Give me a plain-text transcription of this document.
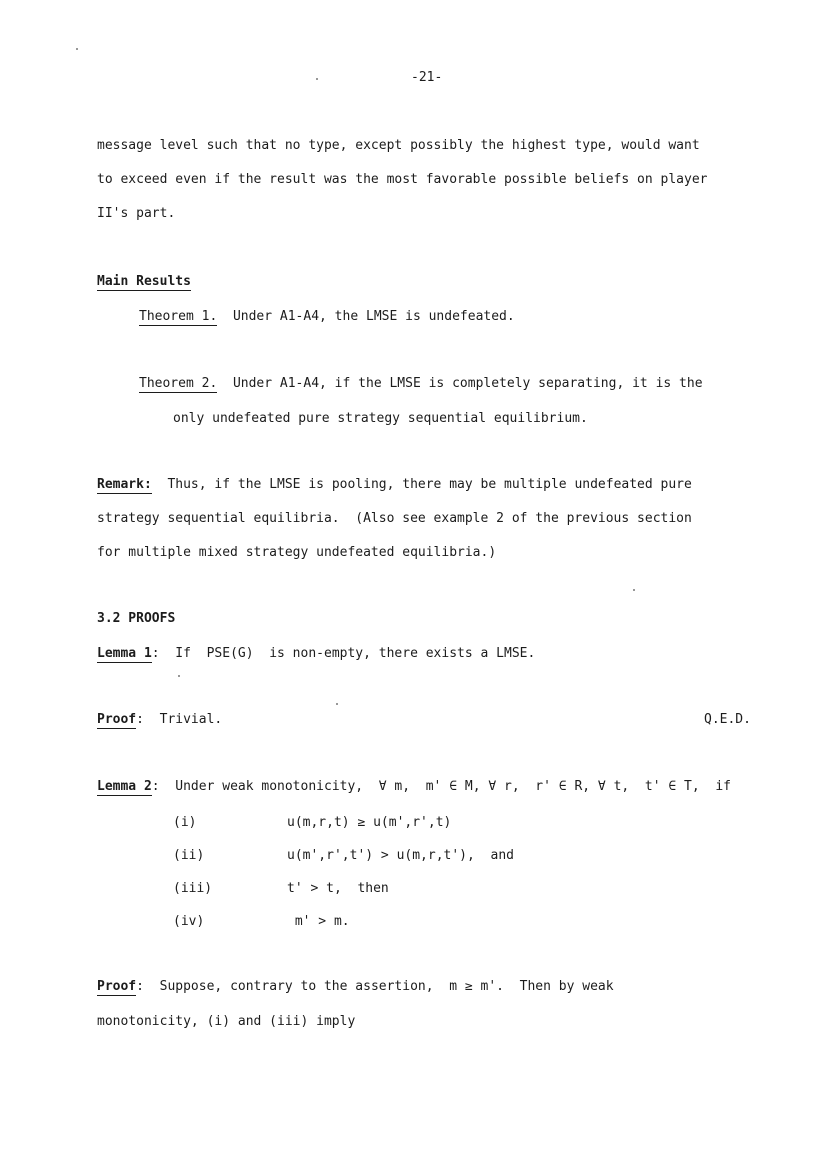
-21-
message level such that no type, except possibly the highest type, would want
to exceed even if the result was the most favorable possible beliefs on player
II's part.
Main Results
Theorem 1. Under A1-A4, the LMSE is undefeated.
Theorem 2. Under A1-A4, if the LMSE is completely separating, it is the
only undefeated pure strategy sequential equilibrium.
Remark: Thus, if the LMSE is pooling, there may be multiple undefeated pure
strategy sequential equilibria.  (Also see example 2 of the previous section
for multiple mixed strategy undefeated equilibria.)
3.2 PROOFS
Lemma 1: If  PSE(G)  is non-empty, there exists a LMSE.
Proof: Trivial.	Q.E.D.
Lemma 2: Under weak monotonicity,  ∀ m,  m' ∈ M, ∀ r,  r' ∈ R, ∀ t,  t' ∈ T,  if
(i)	u(m,r,t) ≥ u(m',r',t)
(ii)	u(m',r',t') > u(m,r,t'),  and
(iii)	t' > t,  then
(iv)	m' > m.
Proof: Suppose, contrary to the assertion,  m ≥ m'.  Then by weak
monotonicity, (i) and (iii) imply
